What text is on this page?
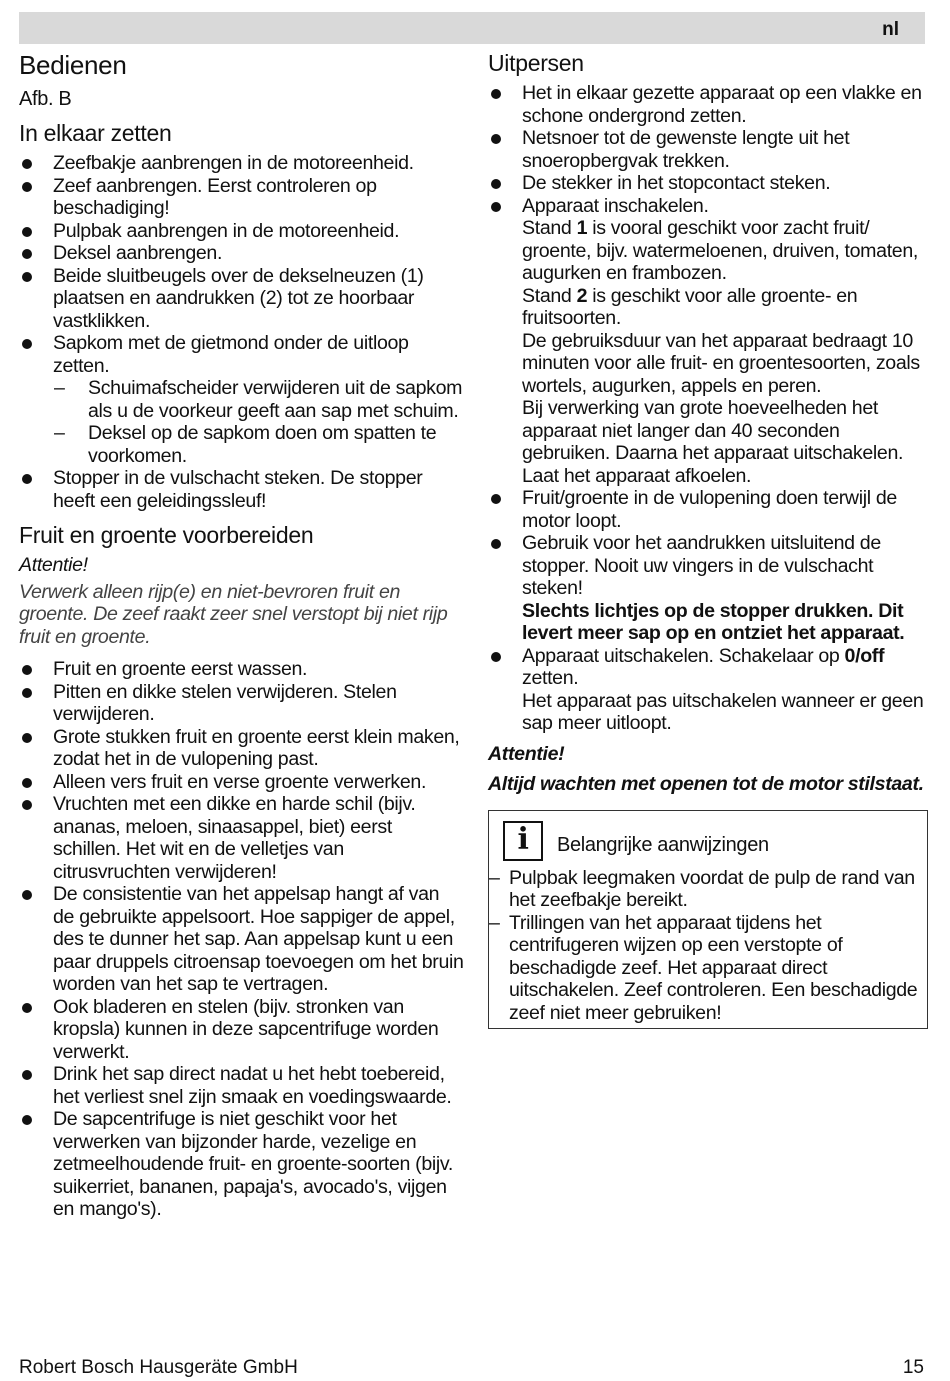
nl
Bedienen
Afb. B
In elkaar zetten
Zeefbakje aanbrengen in de motoreenheid.
Zeef aanbrengen. Eerst controleren op beschadiging!
Pulpbak aanbrengen in de motoreenheid.
Deksel aanbrengen.
Beide sluitbeugels over de dekselneuzen (1) plaatsen en aandrukken (2) tot ze hoorbaar vastklikken.
Sapkom met de gietmond onder de uitloop zetten.
– Schuimafscheider verwijderen uit de sapkom als u de voorkeur geeft aan sap met schuim.
– Deksel op de sapkom doen om spatten te voorkomen.
Stopper in de vulschacht steken. De stopper heeft een geleidingssleuf!
Fruit en groente voorbereiden
Attentie!
Verwerk alleen rijp(e) en niet-bevroren fruit en groente. De zeef raakt zeer snel verstopt bij niet rijp fruit en groente.
Fruit en groente eerst wassen.
Pitten en dikke stelen verwijderen. Stelen verwijderen.
Grote stukken fruit en groente eerst klein maken, zodat het in de vulopening past.
Alleen vers fruit en verse groente verwerken.
Vruchten met een dikke en harde schil (bijv. ananas, meloen, sinaasappel, biet) eerst schillen. Het wit en de velletjes van citrusvruchten verwijderen!
De consistentie van het appelsap hangt af van de gebruikte appelsoort. Hoe sappiger de appel, des te dunner het sap. Aan appelsap kunt u een paar druppels citroensap toevoegen om het bruin worden van het sap te vertragen.
Ook bladeren en stelen (bijv. stronken van kropsla) kunnen in deze sapcentrifuge worden verwerkt.
Drink het sap direct nadat u het hebt toebereid, het verliest snel zijn smaak en voedingswaarde.
De sapcentrifuge is niet geschikt voor het verwerken van bijzonder harde, vezelige en zetmeelhoudende fruit- en groente-soorten (bijv. suikerriet, bananen, papaja's, avocado's, vijgen en mango's).
Uitpersen
Het in elkaar gezette apparaat op een vlakke en schone ondergrond zetten.
Netsnoer tot de gewenste lengte uit het snoeropbergvak trekken.
De stekker in het stopcontact steken.
Apparaat inschakelen.
Stand 1 is vooral geschikt voor zacht fruit/ groente, bijv. watermeloenen, druiven, tomaten, augurken en frambozen.
Stand 2 is geschikt voor alle groente- en fruitsoorten.
De gebruiksduur van het apparaat bedraagt 10 minuten voor alle fruit- en groentesoorten, zoals wortels, augurken, appels en peren.
Bij verwerking van grote hoeveelheden het apparaat niet langer dan 40 seconden gebruiken. Daarna het apparaat uitschakelen. Laat het apparaat afkoelen.
Fruit/groente in de vulopening doen terwijl de motor loopt.
Gebruik voor het aandrukken uitsluitend de stopper. Nooit uw vingers in de vulschacht steken!
Slechts lichtjes op de stopper drukken. Dit levert meer sap op en ontziet het apparaat.
Apparaat uitschakelen. Schakelaar op 0/off zetten.
Het apparaat pas uitschakelen wanneer er geen sap meer uitloopt.
Attentie!
Altijd wachten met openen tot de motor stilstaat.
i	Belangrijke aanwijzingen
– Pulpbak leegmaken voordat de pulp de rand van het zeefbakje bereikt.
– Trillingen van het apparaat tijdens het centrifugeren wijzen op een verstopte of beschadigde zeef. Het apparaat direct uitschakelen. Zeef controleren. Een beschadigde zeef niet meer gebruiken!
Robert Bosch Hausgeräte GmbH	15
